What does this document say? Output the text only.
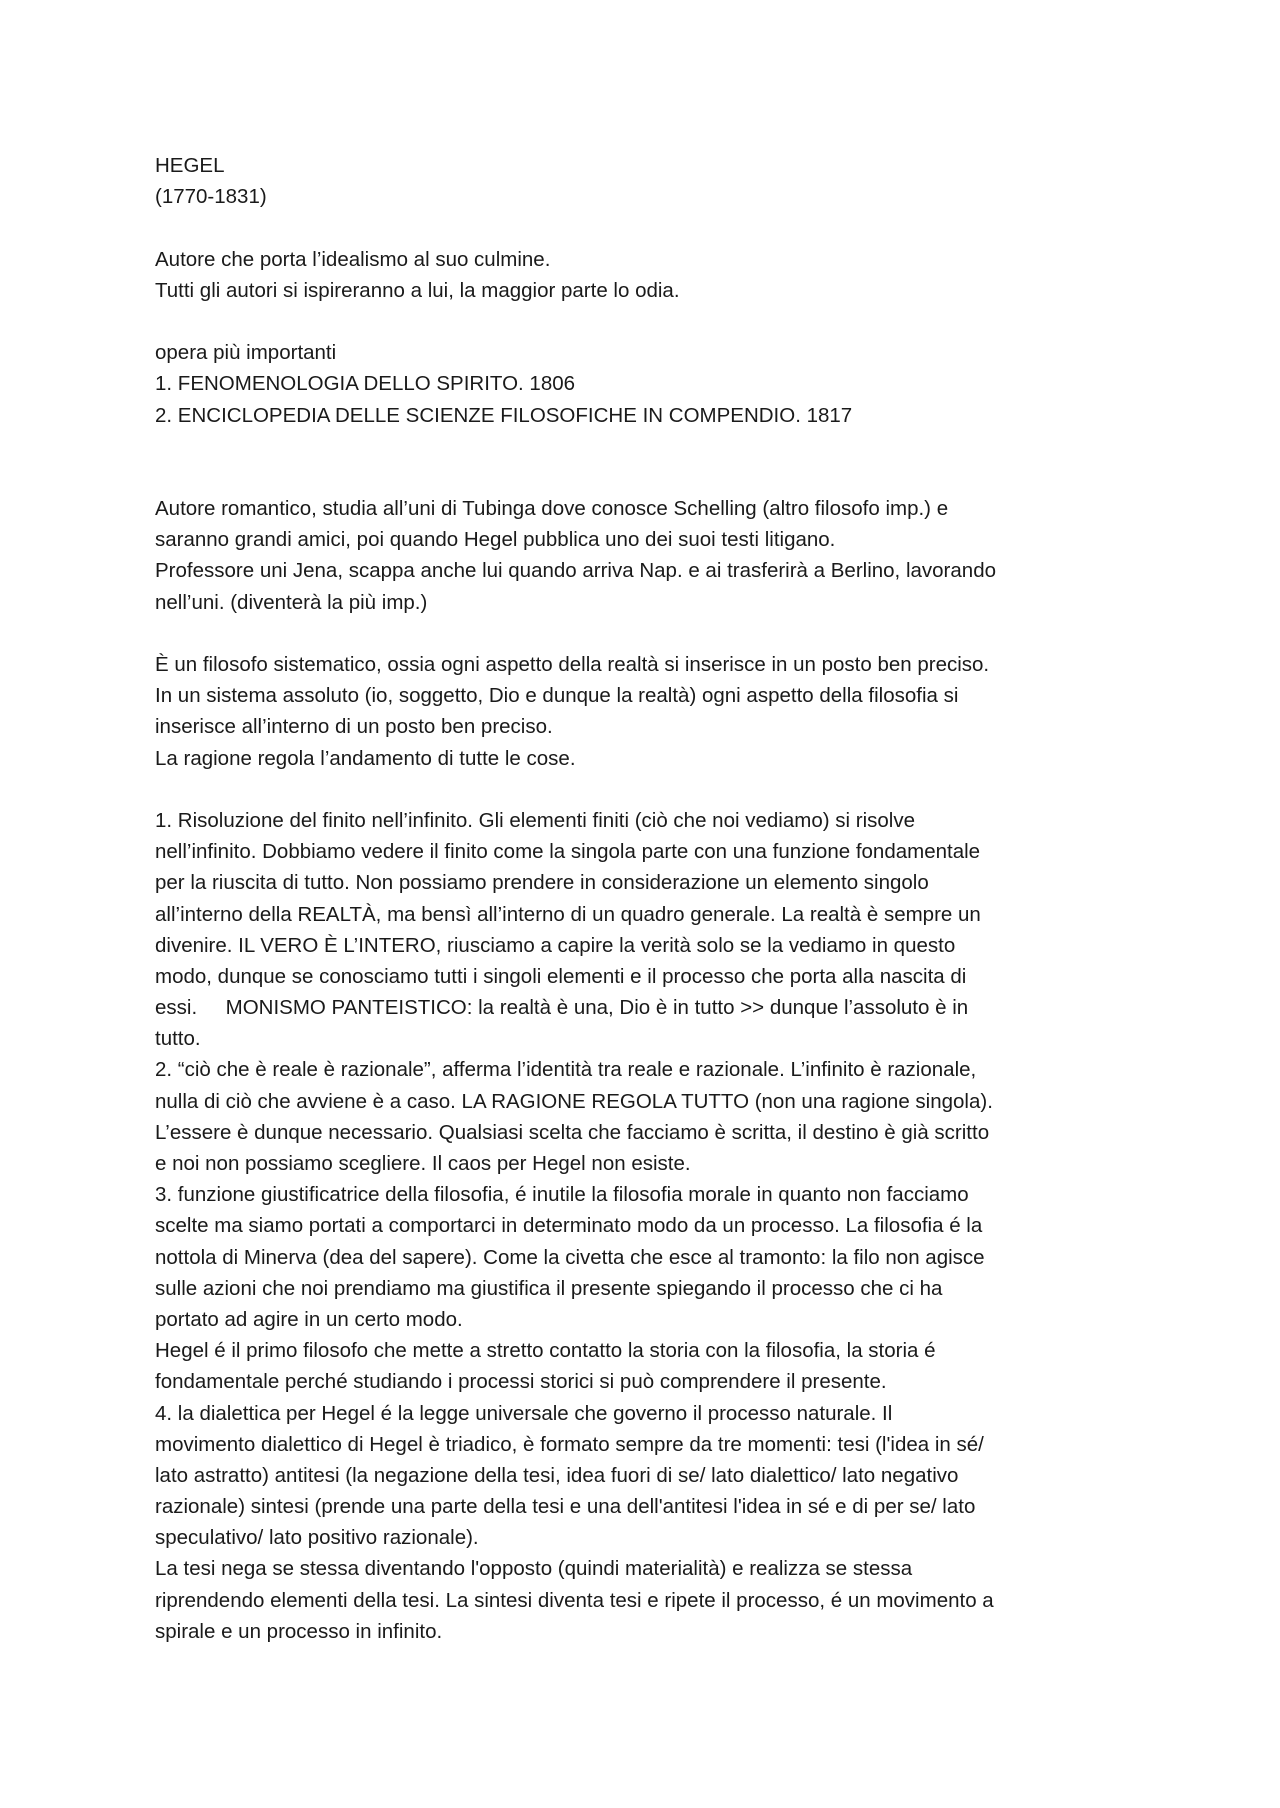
HEGEL
(1770-1831)
Autore che porta l’idealismo al suo culmine.
Tutti gli autori si ispireranno a lui, la maggior parte lo odia.
opera più importanti
1. FENOMENOLOGIA DELLO SPIRITO. 1806
2. ENCICLOPEDIA DELLE SCIENZE FILOSOFICHE IN COMPENDIO. 1817
Autore romantico, studia all’uni di Tubinga dove conosce Schelling (altro filosofo imp.) e
saranno grandi amici, poi quando Hegel pubblica uno dei suoi testi litigano.
Professore uni Jena, scappa anche lui quando arriva Nap. e ai trasferirà a Berlino, lavorando
nell’uni. (diventerà la più imp.)
È un filosofo sistematico, ossia ogni aspetto della realtà si inserisce in un posto ben preciso.
In un sistema assoluto (io, soggetto, Dio e dunque la realtà) ogni aspetto della filosofia si
inserisce all’interno di un posto ben preciso.
La ragione regola l’andamento di tutte le cose.
1. Risoluzione del finito nell’infinito. Gli elementi finiti (ciò che noi vediamo) si risolve
nell’infinito. Dobbiamo vedere il finito come la singola parte con una funzione fondamentale
per la riuscita di tutto. Non possiamo prendere in considerazione un elemento singolo
all’interno della REALTÀ, ma bensì all’interno di un quadro generale. La realtà è sempre un
divenire. IL VERO È L’INTERO, riusciamo a capire la verità solo se la vediamo in questo
modo, dunque se conosciamo tutti i singoli elementi e il processo che porta alla nascita di
essi.     MONISMO PANTEISTICO: la realtà è una, Dio è in tutto >> dunque l’assoluto è in
tutto.
2. “ciò che è reale è razionale”, afferma l’identità tra reale e razionale. L’infinito è razionale,
nulla di ciò che avviene è a caso. LA RAGIONE REGOLA TUTTO (non una ragione singola).
L’essere è dunque necessario. Qualsiasi scelta che facciamo è scritta, il destino è già scritto
e noi non possiamo scegliere. Il caos per Hegel non esiste.
3. funzione giustificatrice della filosofia, é inutile la filosofia morale in quanto non facciamo
scelte ma siamo portati a comportarci in determinato modo da un processo. La filosofia é la
nottola di Minerva (dea del sapere). Come la civetta che esce al tramonto: la filo non agisce
sulle azioni che noi prendiamo ma giustifica il presente spiegando il processo che ci ha
portato ad agire in un certo modo.
Hegel é il primo filosofo che mette a stretto contatto la storia con la filosofia, la storia é
fondamentale perché studiando i processi storici si può comprendere il presente.
4. la dialettica per Hegel é la legge universale che governo il processo naturale. Il
movimento dialettico di Hegel è triadico, è formato sempre da tre momenti: tesi (l'idea in sé/
lato astratto) antitesi (la negazione della tesi, idea fuori di se/ lato dialettico/ lato negativo
razionale) sintesi (prende una parte della tesi e una dell'antitesi l'idea in sé e di per se/ lato
speculativo/ lato positivo razionale).
La tesi nega se stessa diventando l'opposto (quindi materialità) e realizza se stessa
riprendendo elementi della tesi. La sintesi diventa tesi e ripete il processo, é un movimento a
spirale e un processo in infinito.
